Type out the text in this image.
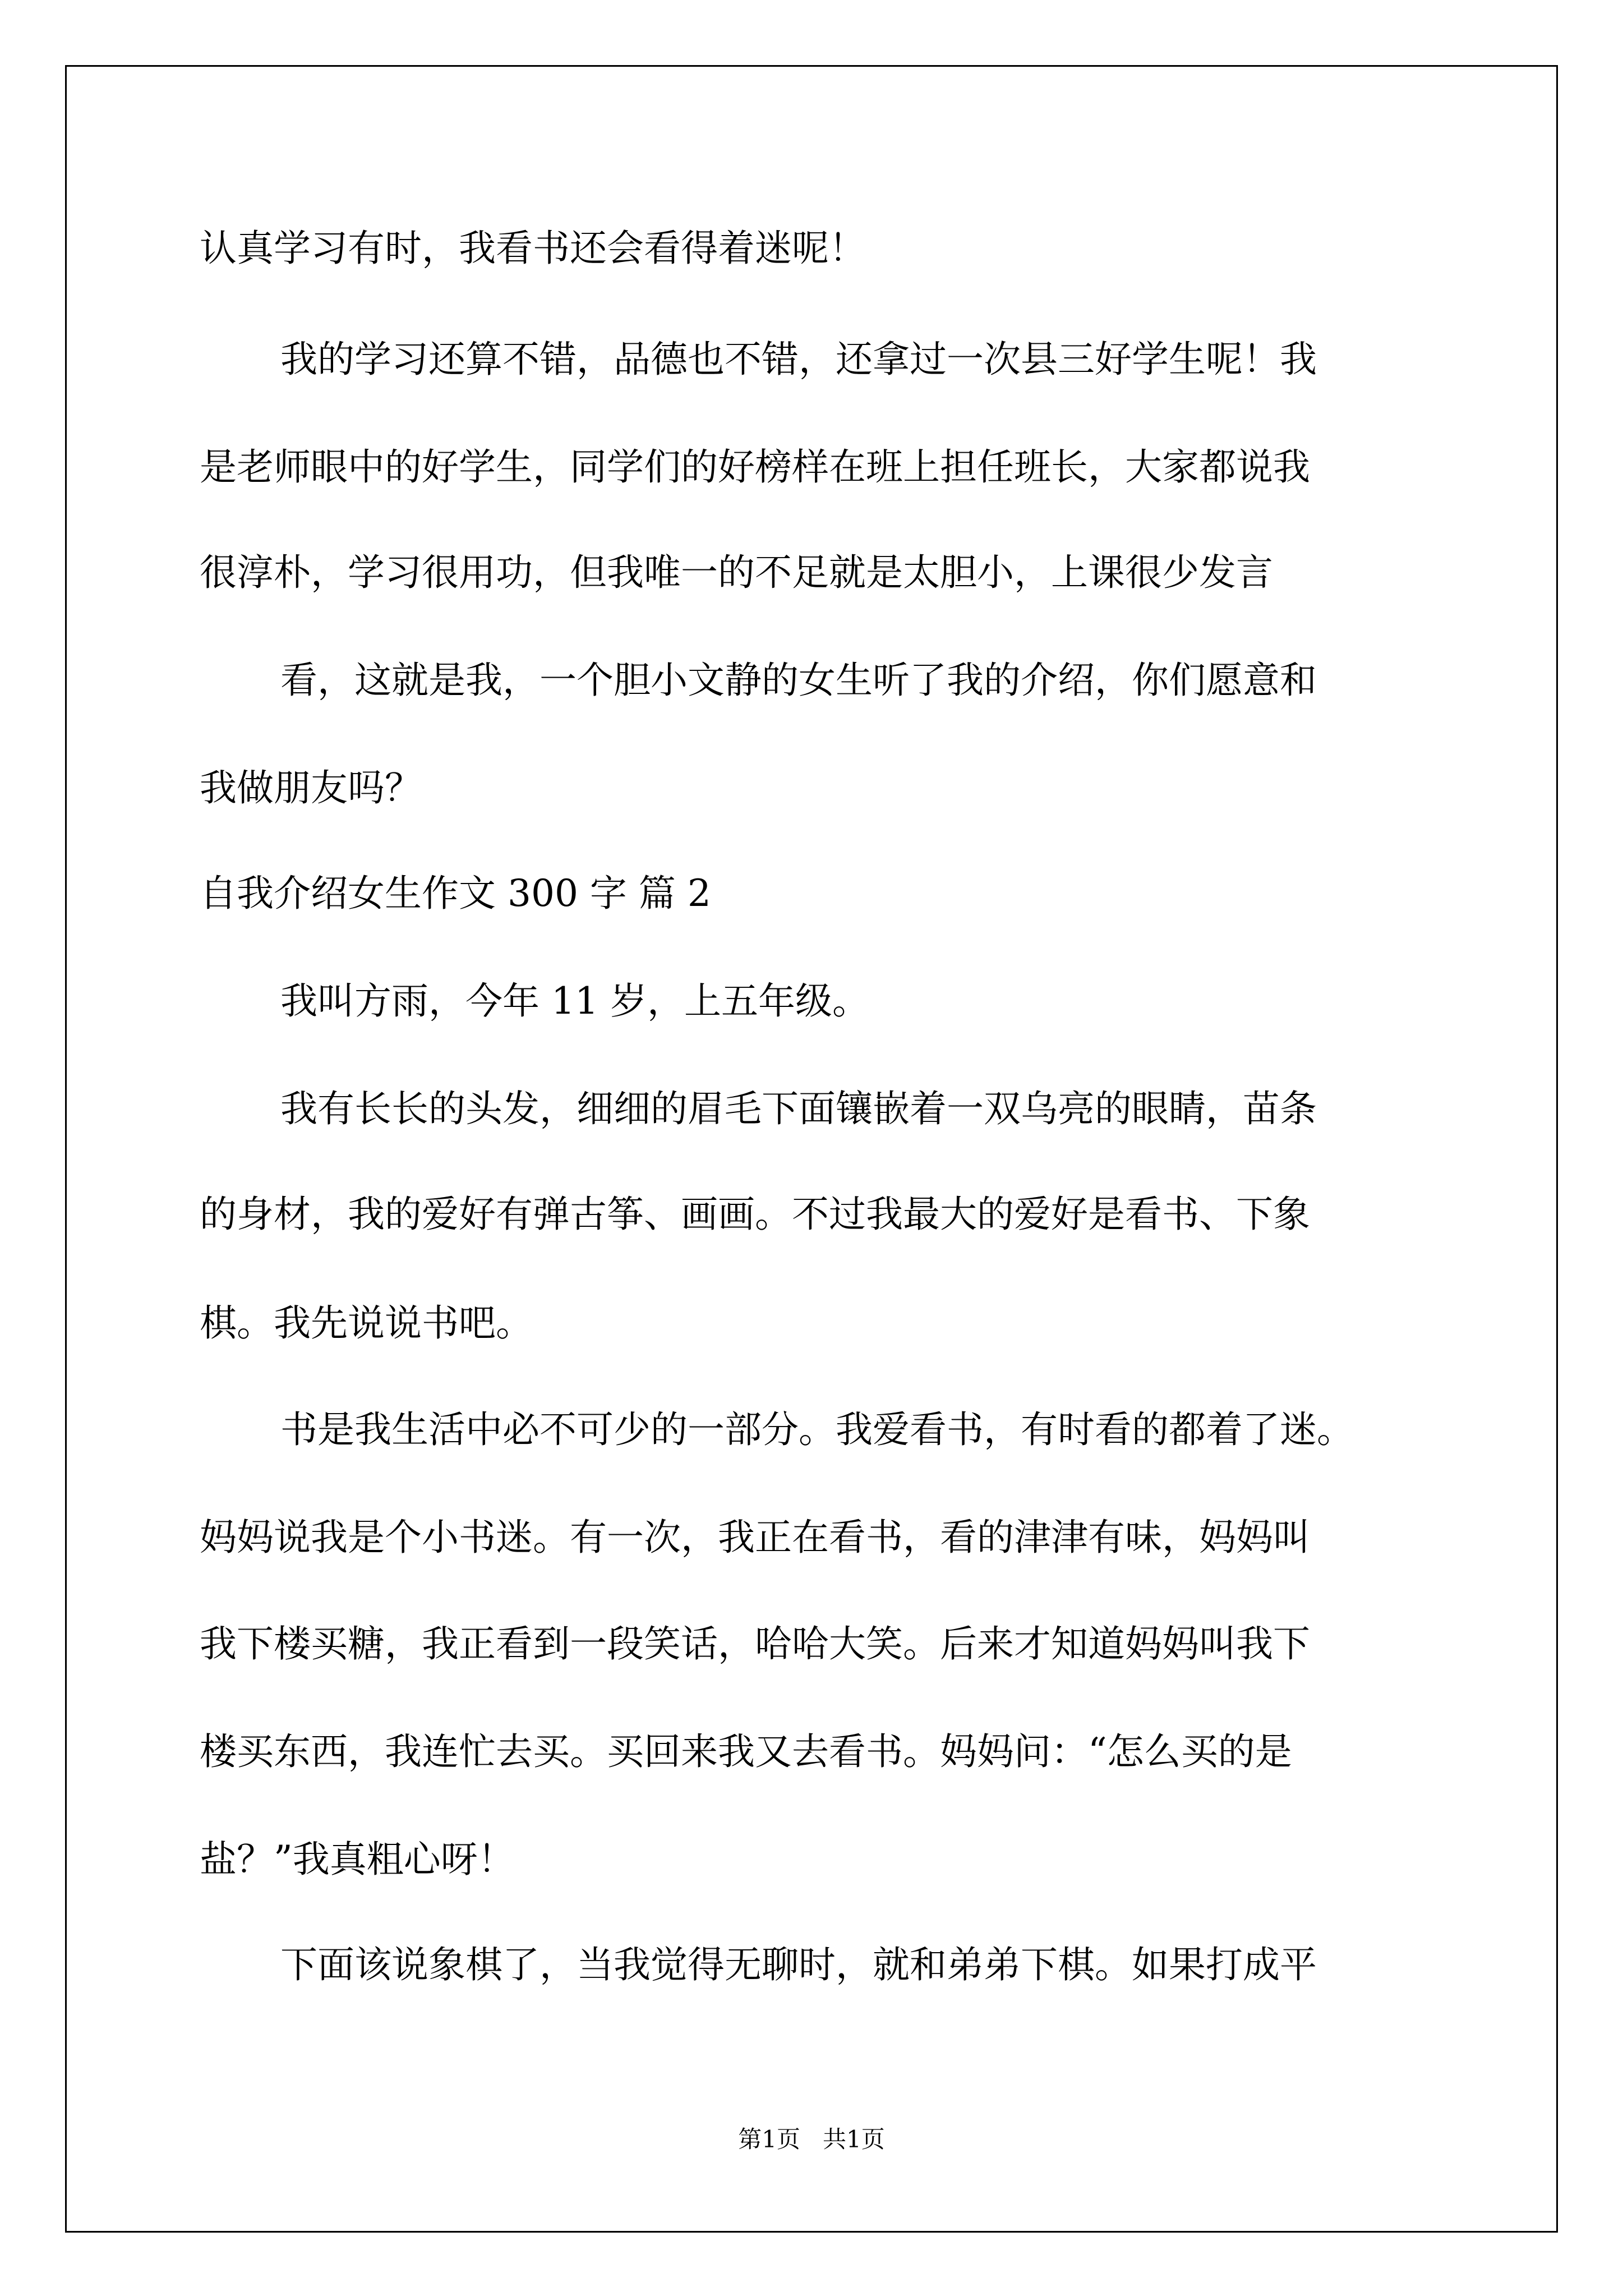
认真学习有时，我看书还会看得着迷呢！

我的学习还算不错，品德也不错，还拿过一次县三好学生呢！我

是老师眼中的好学生，同学们的好榜样在班上担任班长，大家都说我

很淳朴，学习很用功，但我唯一的不足就是太胆小，上课很少发言

看，这就是我，一个胆小文静的女生听了我的介绍，你们愿意和

我做朋友吗？

自我介绍女生作文 300 字 篇 2

我叫方雨，今年 11 岁，上五年级。

我有长长的头发，细细的眉毛下面镶嵌着一双乌亮的眼睛，苗条

的身材，我的爱好有弹古筝、画画。不过我最大的爱好是看书、下象

棋。我先说说书吧。

书是我生活中必不可少的一部分。我爱看书，有时看的都着了迷。

妈妈说我是个小书迷。有一次，我正在看书，看的津津有味，妈妈叫

我下楼买糖，我正看到一段笑话，哈哈大笑。后来才知道妈妈叫我下

楼买东西，我连忙去买。买回来我又去看书。妈妈问：“怎么买的是

盐？”我真粗心呀！

下面该说象棋了，当我觉得无聊时，就和弟弟下棋。如果打成平

第1页   共1页
